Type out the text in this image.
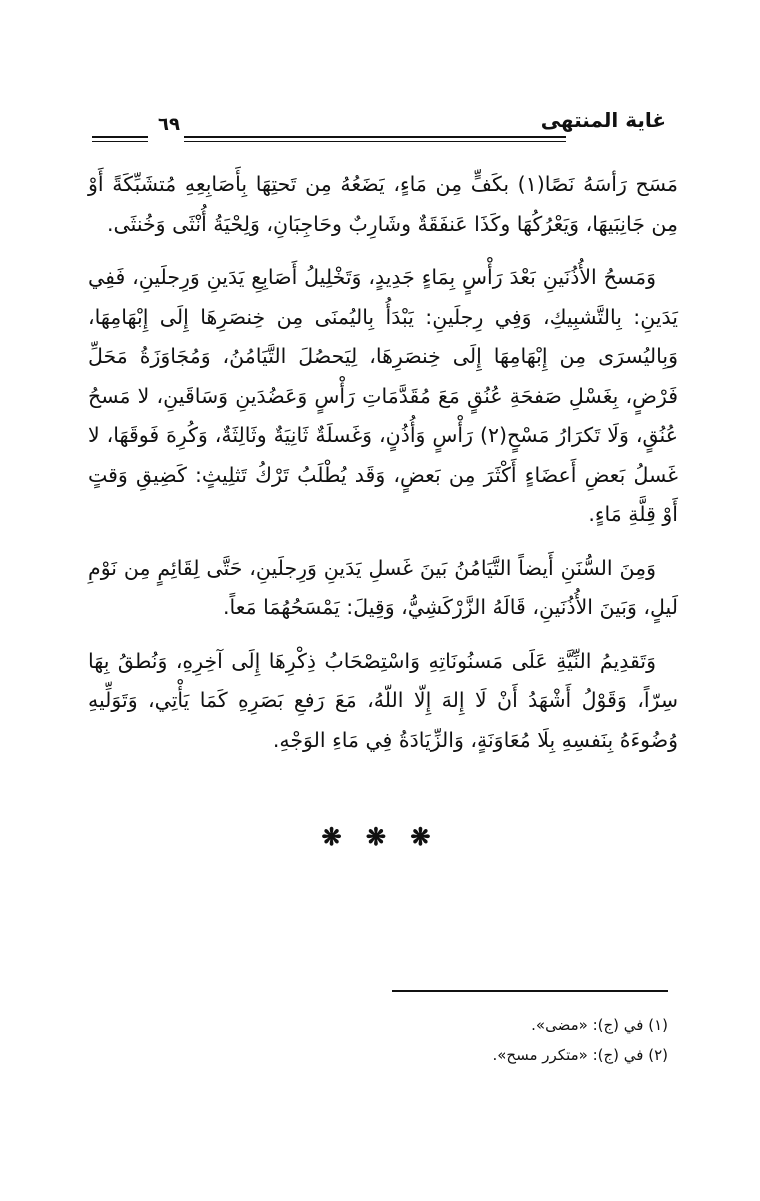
غاية المنتهى
٦٩

مَسَح رَأسَهُ نَصًا(١) بكَفٍّ مِن مَاءٍ، يَضَعُهُ مِن تَحتِهَا بِأَصَابِعِهِ مُتشَبِّكَةً أَوْ مِن جَانِبَيهَا، وَيَعْرُكُهَا وكَذَا عَنفَقَةٌ وشَارِبٌ وحَاجِبَانِ، وَلِحْيَةُ أُنْثَى وَخُنثَى.

وَمَسحُ الأُذُنَينِ بَعْدَ رَأْسٍ بِمَاءٍ جَدِيدٍ، وَتَخْلِيلُ أَصَابِعِ يَدَينِ وَرِجلَينِ، فَفِي يَدَينِ: بِالتَّشبِيكِ، وَفِي رِجلَينِ: يَبْدَأُ بِاليُمنَى مِن خِنصَرِهَا إِلَى إِبْهَامِهَا، وَبِاليُسرَى مِن إِبْهَامِهَا إِلَى خِنصَرِهَا، لِيَحصُلَ التَّيَامُنُ، وَمُجَاوَزَةُ مَحَلِّ فَرْضٍ، بِغَسْلِ صَفحَةِ عُنُقٍ مَعَ مُقَدَّمَاتِ رَأْسٍ وَعَضُدَينِ وَسَاقَينِ، لا مَسحُ عُنُقٍ، وَلَا تَكرَارُ مَسْحٍ(٢) رَأْسٍ وَأُذُنٍ، وَغَسلَةٌ ثَانِيَةٌ وثَالِثَةٌ، وَكُرِهَ فَوقَهَا، لا غَسلُ بَعضِ أَعضَاءٍ أَكْثَرَ مِن بَعضٍ، وَقَد يُطْلَبُ تَرْكُ تَثلِيثٍ: كَضِيقِ وَقتٍ أَوْ قِلَّةِ مَاءٍ.

وَمِنَ السُّنَنِ أَيضاً التَّيَامُنُ بَينَ غَسلِ يَدَينِ وَرِجلَينِ، حَتَّى لِقَائِمٍ مِن نَوْمِ لَيلٍ، وَبَينَ الأُذُنَينِ، قَالَهُ الزَّرْكَشِيُّ، وَقِيلَ: يَمْسَحُهُمَا مَعاً.

وَتَقدِيمُ النِّيَّةِ عَلَى مَسنُونَاتِهِ وَاسْتِصْحَابُ ذِكْرِهَا إِلَى آخِرِهِ، وَنُطقُ بِهَا سِرّاً، وَقَوْلُ أَشْهَدُ أَنْ لَا إِلهَ إِلّا اللّهُ، مَعَ رَفعِ بَصَرِهِ كَمَا يَأْتِي، وَتَوَلِّيهِ وُضُوءَهُ بِنَفسِهِ بِلَا مُعَاوَنَةٍ، وَالزِّيَادَةُ فِي مَاءِ الوَجْهِ.

❋ ❋ ❋
(١) في (ج): «مضى».
(٢) في (ج): «متكرر مسح».
